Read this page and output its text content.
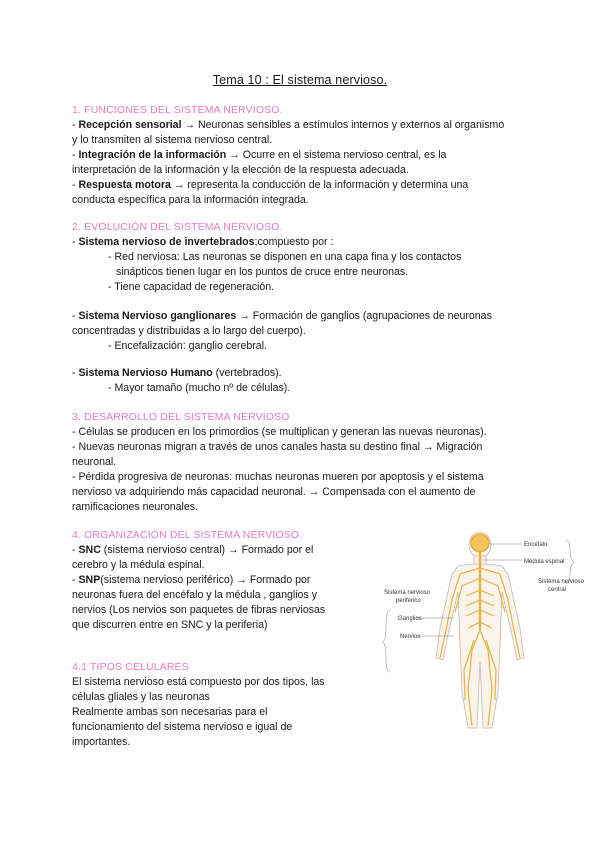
Tema 10 : El sistema nervioso.
1. FUNCIONES DEL SISTEMA NERVIOSO.
- Recepción sensorial → Neuronas sensibles a estímulos internos y externos al organismo
y lo transmiten al sistema nervioso central.
- Integración de la información → Ocurre en el sistema nervioso central, es la
interpretación de la información y la elección de la respuesta adecuada.
- Respuesta motora → representa la conducción de la información y determina una
conducta específica para la información integrada.
2. EVOLUCIÓN DEL SISTEMA NERVIOSO.
- Sistema nervioso de invertebrados;compuesto por :
- Red nerviosa: Las neuronas se disponen en una capa fina y los contactos
sinápticos tienen lugar en los puntos de cruce entre neuronas.
- Tiene capacidad de regeneración.
- Sistema Nervioso ganglionares → Formación de ganglios (agrupaciones de neuronas
concentradas y distribuidas a lo largo del cuerpo).
- Encefalización: ganglio cerebral.
- Sistema Nervioso Humano (vertebrados).
- Mayor tamaño (mucho nº de células).
3. DESARROLLO DEL SISTEMA NERVIOSO
- Células se producen en los primordios (se multiplican y generan las nuevas neuronas).
- Nuevas neuronas migran a través de unos canales hasta su destino final → Migración
neuronal.
- Pérdida progresiva de neuronas: muchas neuronas mueren por apoptosis y el sistema
nervioso va adquiriendo más capacidad neuronal. → Compensada con el aumento de
ramificaciones neuronales.
4. ORGANIZACIÓN DEL SISTEMA NERVIOSO.
- SNC (sistema nervioso central) → Formado por el
cerebro y la médula espinal.
- SNP(sistema nervioso periférico) → Formado por
neuronas fuera del encéfalo y la médula , ganglios y
nervios (Los nervios son paquetes de fibras nerviosas
que discurren entre en SNC y la periferia)
4.1 TIPOS CELULARES
El sistema nervioso está compuesto por dos tipos, las
células gliales y las neuronas
Realmente ambas son necesarias para el
funcionamiento del sistema nervioso e igual de
importantes.
Encéfalo
Médula espinal
Sistema nervioso
central
Sistema nervioso
periférico
Ganglios
Nervios
